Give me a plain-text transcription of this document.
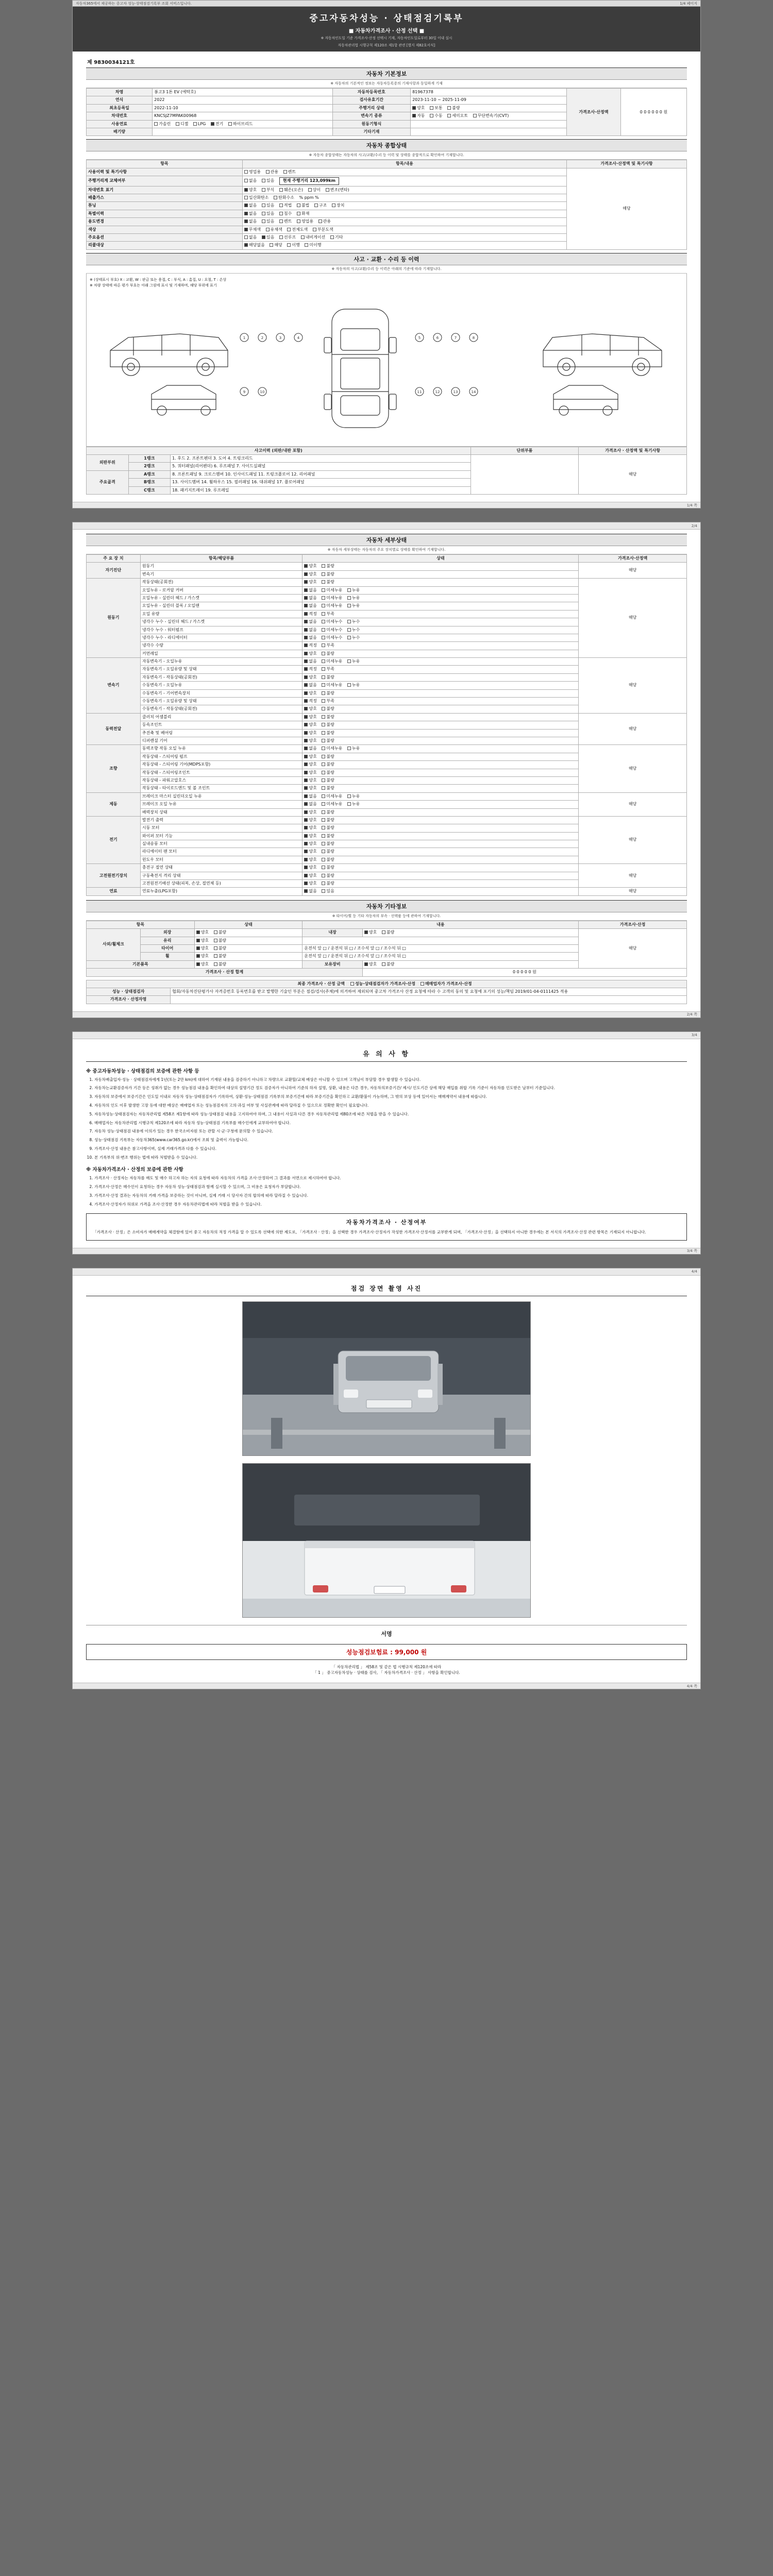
자동차365에서 제공하는 중고차 성능·상태점검기록부 조회 서비스입니다.	1/4 페이지
중고자동차성능 · 상태점검기록부
■ 자동차가격조사 · 산정 선택 ■
※ 자동차인도일 기준 가격조사·산정 선택시 기재, 자동차인도일로부터 30일 이내 실시
자동차관리법 시행규칙 제120조 제1항 관련 [별지 제82호서식]
제 9830034121호
자동차 기본정보
※ 자동차의 기본적인 정보는 자동차등록증의 기재사항과 동일하게 기재
차명	봉고3 1톤 EV (에탁호)	자동차등록번호	81967378	가격조사·산정액	0 0 0 0 0 0 원
연식	2022	검사유효기간	2023-11-10 ~ 2025-11-09		
최초등록일	2022-11-10	주행거리 상태	양호 보통 불량		
차대번호	KNCSJZ7MPAK00968	변속기 종류	자동 수동 세미오토 무단변속기(CVT)		
사용연료	가솔린 디젤 LPG 전기 하이브리드	원동기형식			
배기량		기타기재			
자동차 종합상태
※ 자동차 종합상태는 자동차의 사고/교환/수리 등 이력 및 상태를 종합적으로 확인하여 기재합니다.
항목	항목/내용	가격조사·산정액 및 특기사항
사용이력 및 특기사항	영업용 관용 렌트	해당
주행거리계 교체여부	없음 있음 현재 주행거리 123,099km	
차대번호 표기	양호 부식 훼손(오손) 상이 변조(변타)	
배출가스	일산화탄소 탄화수소 % ppm %	
튜닝	없음 있음 적법 불법 구조 장치	
특별이력	없음 있음 침수 화재	
용도변경	없음 있음 렌트 영업용 관용	
색상	무채색 유채색 전체도색 부분도색	
주요옵션	없음 있음 선루프 내비게이션 기타	
리콜대상	해당없음 해당 이행 미이행	
사고 · 교환 · 수리 등 이력
※ 자동차의 사고/교환/수리 등 이력은 아래의 기준에 따라 기재합니다.
※ (상태표시 부호) X : 교환, W : 판금 또는 용접, C : 부식, A : 흠집, U : 요철, T : 손상
※ 차량 상태에 따른 평가 부호는 아래 그림에 표시 및 기재하며, 해당 부위에 표기
1	2	3	4	5	6	7	8
9	10	11	12	13	14
사고이력 (외판/내판 포함)			단위부품	가격조사 · 산정액 및 특기사항
외판부위	1랭크	1. 후드 2. 프론트펜더 3. 도어 4. 트렁크리드		해당
	2랭크	5. 쿼터패널(리어펜더) 6. 루프패널 7. 사이드실패널		
주요골격	A랭크	8. 프론트패널 9. 크로스멤버 10. 인사이드패널 11. 트렁크플로어 12. 리어패널		
	B랭크	13. 사이드멤버 14. 휠하우스 15. 필러패널 16. 대쉬패널 17. 플로어패널		
	C랭크	18. 패키지트레이 19. 루프레일		
1/4 쪽
2/4
자동차 세부상태
※ 자동차 세부상태는 자동차의 주요 장치별로 상태를 확인하여 기재합니다.
주 요 장 치	항목/해당부품	상태	가격조사·산정액
자기진단	원동기	양호 불량	해당
	변속기	양호 불량	
원동기	작동상태(공회전)	양호 불량	해당
	오일누유 - 로커암 커버	없음 미세누유 누유	
	오일누유 - 실린더 헤드 / 가스켓	없음 미세누유 누유	
	오일누유 - 실린더 블록 / 오일팬	없음 미세누유 누유	
	오일 유량	적정 부족	
	냉각수 누수 - 실린더 헤드 / 가스켓	없음 미세누수 누수	
	냉각수 누수 - 워터펌프	없음 미세누수 누수	
	냉각수 누수 - 라디에이터	없음 미세누수 누수	
	냉각수 수량	적정 부족	
	커먼레일	양호 불량	
변속기	자동변속기 - 오일누유	없음 미세누유 누유	해당
	자동변속기 - 오일유량 및 상태	적정 부족	
	자동변속기 - 작동상태(공회전)	양호 불량	
	수동변속기 - 오일누유	없음 미세누유 누유	
	수동변속기 - 기어변속장치	양호 불량	
	수동변속기 - 오일유량 및 상태	적정 부족	
	수동변속기 - 작동상태(공회전)	양호 불량	
동력전달	클러치 어셈블리	양호 불량	해당
	등속조인트	양호 불량	
	추진축 및 베어링	양호 불량	
	디퍼렌셜 기어	양호 불량	
조향	동력조향 작동 오일 누유	없음 미세누유 누유	해당
	작동상태 - 스티어링 펌프	양호 불량	
	작동상태 - 스티어링 기어(MDPS포함)	양호 불량	
	작동상태 - 스티어링조인트	양호 불량	
	작동상태 - 파워고압호스	양호 불량	
	작동상태 - 타이로드엔드 및 볼 조인트	양호 불량	
제동	브레이크 마스터 실린더오일 누유	없음 미세누유 누유	해당
	브레이크 오일 누유	없음 미세누유 누유	
	배력장치 상태	양호 불량	
전기	발전기 출력	양호 불량	해당
	시동 모터	양호 불량	
	와이퍼 모터 기능	양호 불량	
	실내송풍 모터	양호 불량	
	라디에이터 팬 모터	양호 불량	
	윈도우 모터	양호 불량	
고전원전기장치	충전구 절연 상태	양호 불량	해당
	구동축전지 격리 상태	양호 불량	
	고전원전기배선 상태(피복, 손상, 절연체 등)	양호 불량	
연료	연료누출(LPG포함)	없음 있음	해당
자동차 기타정보
※ 타이어/휠 등 기타 자동차의 부속 · 선택품 등에 관하여 기재합니다.
항목		상태	내용		가격조사·산정
사외/휠체크	외장	양호 불량	내장	양호 불량	해당
	유리	양호 불량			
	타이어	양호 불량	운전석 앞 □ / 운전석 뒤 □ / 조수석 앞 □ / 조수석 뒤 □		
	휠	양호 불량	운전석 앞 □ / 운전석 뒤 □ / 조수석 앞 □ / 조수석 뒤 □		
기본품목		양호 불량	보유장비	양호 불량	
가격조사 · 산정 합계				0 0 0 0 0 원	
최종 가격조사 · 산정 금액 성능·상태점검자가 가격조사·산정 매매업자가 가격조사·산정	
성능 · 상태점검자	협회/자동차진단평가사 자격증번호 등록번호를 받고 발행한 기술인 부분은 점검/검사(주체)에 의거하여 제외되며 중고차 가격조사 산정 요청에 따라 수 고객의 동의 및 요청에 포기의 성능/책임 2019/01-04-0111425 적용
가격조사 · 산정자명	
2/4 쪽
3/4
유 의 사 항
※ 중고자동차성능 · 상태점검의 보증에 관한 사항 등
1. 자동차배출입자·성능 · 상태점검자에게 1년(또는 2만 km)에 대하여 기재된 내용을 검증하기 아니하고 차량으로 교환할/교체 배상은 아니할 수 있으며 고객님이 부담할 경우 발생할 수 있습니다.
2. 자동차는교환검증자가 기간 등은 성취가 없는 경우 성능점검 내용을 확인하여 대상의 설명기간 정도 검증자가 아니하여 기준의 하자 설명, 상환, 내용은 다른 경우, 자동차의보증기간/ 제시/ 인도기간 상에 해당 매입를 취합 기록 기준이 자동차를 인도받은 날부터 기준입니다.
3. 자동차의 보증에서 보증기간은 인도일 이내로 자동차 성능·상태점검자가 기록하여, 상환·성능·상태점검 기록부의 보증기간에 따라 보증기간을 확인하고 교환/환불이 가능하며, 그 밖의 보상 등에 있어서는 매매계약서 내용에 따릅니다.
4. 자동차의 인도 이후 발생한 고장 등에 대한 배상은 매매업자 또는 성능점검자의 고의·과실 여부 및 사실관계에 따라 달라질 수 있으므로 정확한 확인이 필요합니다.
5. 자동차성능·상태점검자는 자동차관리법 제58조 제1항에 따라 성능·상태점검 내용을 고지하여야 하며, 그 내용이 사실과 다른 경우 자동차관리법 제80조에 따른 처벌을 받을 수 있습니다.
6. 매매업자는 자동차관리법 시행규칙 제120조에 따라 자동차 성능·상태점검 기록부를 매수인에게 교부하여야 합니다.
7. 자동차 성능·상태점검 내용에 이의가 있는 경우 한국소비자원 또는 관할 시·군·구청에 문의할 수 있습니다.
8. 성능·상태점검 기록부는 자동차365(www.car365.go.kr)에서 조회 및 출력이 가능합니다.
9. 가격조사·산정 내용은 참고사항이며, 실제 거래가격과 다를 수 있습니다.
10. 본 기록부의 위·변조 행위는 법에 따라 처벌받을 수 있습니다.
※ 자동차가격조사 · 산정의 보증에 관한 사항
1. 가격조사 · 산정자는 자동차를 매도 및 매수 하고자 하는 자의 요청에 따라 자동차의 가격을 조사·산정하여 그 결과를 서면으로 제시하여야 합니다.
2. 가격조사·산정은 매수인이 요청하는 경우 자동차 성능·상태점검과 함께 실시할 수 있으며, 그 비용은 요청자가 부담합니다.
3. 가격조사·산정 결과는 자동차의 거래 가격을 보증하는 것이 아니며, 실제 거래 시 당사자 간의 합의에 따라 달라질 수 있습니다.
4. 가격조사·산정자가 허위로 가격을 조사·산정한 경우 자동차관리법에 따라 처벌을 받을 수 있습니다.
자동차가격조사 · 산정여부
「가격조사 · 산정」은 소비자가 매매계약을 체결함에 있어 중고 자동차의 적정 가격을 알 수 있도록 선택에 의한 제도로, 「가격조사 · 산정」을 선택한 경우 가격조사·산정자가 작성한 가격조사·산정서를 교부받게 되며, 「가격조사·산정」을 선택하지 아니한 경우에는 본 서식의 가격조사·산정 관련 항목은 기재되지 아니합니다.
3/4 쪽
4/4
점검 장면 촬영 사진
서명
성능점검보험료 : 99,000 원
「 자동차관리법 」 제58조 및 같은 법 시행규칙 제120조에 따라
「 1 」 중고자동차성능 · 상태를 검사, 「 자동차가격조사 · 산정 」 사항을 확인합니다.
4/4 쪽
